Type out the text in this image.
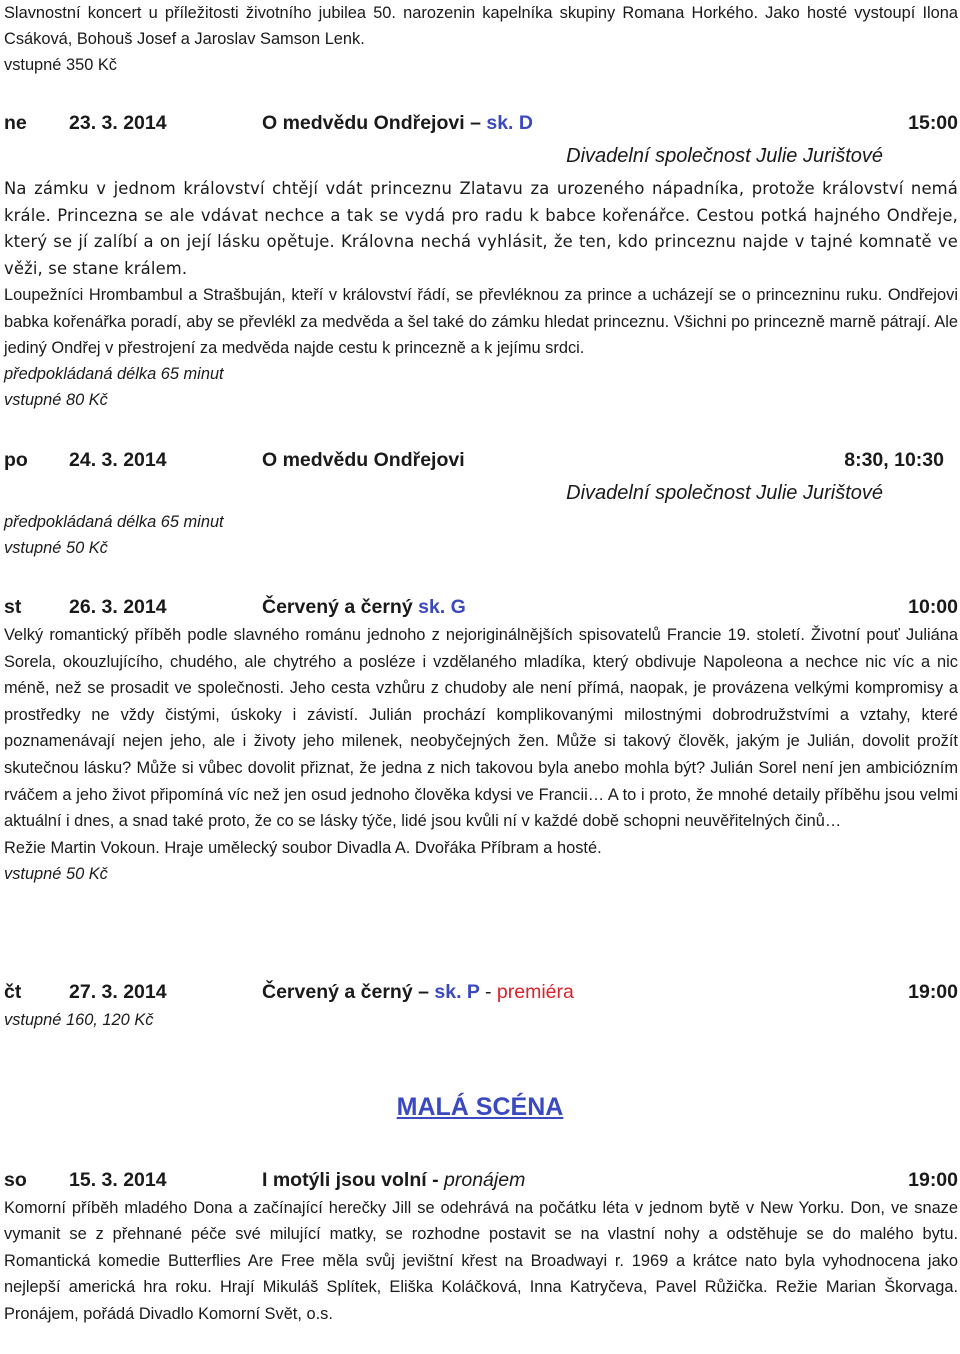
Slavnostní koncert u příležitosti životního jubilea 50. narozenin kapelníka skupiny Romana Horkého. Jako hosté vystoupí Ilona Csáková, Bohouš Josef a Jaroslav Samson Lenk.

vstupné 350 Kč
ne 23. 3. 2014	O medvědu Ondřejovi – sk. D	15:00
Divadelní společnost Julie Jurištové

Na zámku v jednom království chtějí vdát princeznu Zlatavu za urozeného nápadníka, protože království nemá krále. Princezna se ale vdávat nechce a tak se vydá pro radu k babce kořenářce. Cestou potká hajného Ondřeje, který se jí zalíbí a on její lásku opětuje. Královna nechá vyhlásit, že ten, kdo princeznu najde v tajné komnatě ve věži, se stane králem.

Loupežníci Hrombambul a Strašbuján, kteří v království řádí, se převléknou za prince a ucházejí se o princezninu ruku. Ondřejovi babka kořenářka poradí, aby se převlékl za medvěda a šel také do zámku hledat princeznu. Všichni po princezně marně pátrají. Ale jediný Ondřej v přestrojení za medvěda najde cestu k princezně a k jejímu srdci.

předpokládaná délka 65 minut
vstupné 80 Kč
po 24. 3. 2014	O medvědu Ondřejovi	8:30, 10:30
Divadelní společnost Julie Jurištové
předpokládaná délka 65 minut
vstupné 50 Kč
st 26. 3. 2014	Červený a černý sk. G	10:00

Velký romantický příběh podle slavného románu jednoho z nejoriginálnějších spisovatelů Francie 19. století. Životní pouť Juliána Sorela, okouzlujícího, chudého, ale chytrého a posléze i vzdělaného mladíka, který obdivuje Napoleona a nechce nic víc a nic méně, než se prosadit ve společnosti. Jeho cesta vzhůru z chudoby ale není přímá, naopak, je provázena velkými kompromisy a prostředky ne vždy čistými, úskoky i závistí. Julián prochází komplikovanými milostnými dobrodružstvími a vztahy, které poznamenávají nejen jeho, ale i životy jeho milenek, neobyčejných žen. Může si takový člověk, jakým je Julián, dovolit prožít skutečnou lásku? Může si vůbec dovolit přiznat, že jedna z nich takovou byla anebo mohla být? Julián Sorel není jen ambiciózním rváčem a jeho život připomíná víc než jen osud jednoho člověka kdysi ve Francii… A to i proto, že mnohé detaily příběhu jsou velmi aktuální i dnes, a snad také proto, že co se lásky týče, lidé jsou kvůli ní v každé době schopni neuvěřitelných činů…

Režie Martin Vokoun. Hraje umělecký soubor Divadla A. Dvořáka Příbram a hosté.
vstupné 50 Kč
čt 27. 3. 2014	Červený a černý – sk. P - premiéra	19:00
vstupné 160, 120 Kč
MALÁ SCÉNA
so 15. 3. 2014	I motýli jsou volní - pronájem	19:00

Komorní příběh mladého Dona a začínající herečky Jill se odehrává na počátku léta v jednom bytě v New Yorku. Don, ve snaze vymanit se z přehnané péče své milující matky, se rozhodne postavit se na vlastní nohy a odstěhuje se do malého bytu. Romantická komedie Butterflies Are Free měla svůj jevištní křest na Broadwayi r. 1969 a krátce nato byla vyhodnocena jako nejlepší americká hra roku. Hrají Mikuláš Splítek, Eliška Koláčková, Inna Katryčeva, Pavel Růžička. Režie Marian Škorvaga. Pronájem, pořádá Divadlo Komorní Svět, o.s.
